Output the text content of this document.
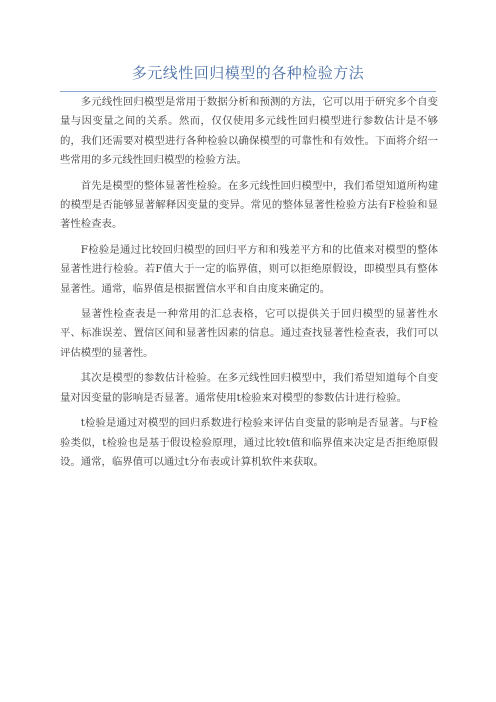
多元线性回归模型的各种检验方法

多元线性回归模型是常用于数据分析和预测的方法，它可以用于研究多个自变量与因变量之间的关系。然而，仅仅使用多元线性回归模型进行参数估计是不够的，我们还需要对模型进行各种检验以确保模型的可靠性和有效性。下面将介绍一些常用的多元线性回归模型的检验方法。

首先是模型的整体显著性检验。在多元线性回归模型中，我们希望知道所构建的模型是否能够显著解释因变量的变异。常见的整体显著性检验方法有F检验和显著性检查表。

F检验是通过比较回归模型的回归平方和和残差平方和的比值来对模型的整体显著性进行检验。若F值大于一定的临界值，则可以拒绝原假设，即模型具有整体显著性。通常，临界值是根据置信水平和自由度来确定的。

显著性检查表是一种常用的汇总表格，它可以提供关于回归模型的显著性水平、标准误差、置信区间和显著性因素的信息。通过查找显著性检查表，我们可以评估模型的显著性。

其次是模型的参数估计检验。在多元线性回归模型中，我们希望知道每个自变量对因变量的影响是否显著。通常使用t检验来对模型的参数估计进行检验。

t检验是通过对模型的回归系数进行检验来评估自变量的影响是否显著。与F检验类似，t检验也是基于假设检验原理，通过比较t值和临界值来决定是否拒绝原假设。通常，临界值可以通过t分布表或计算机软件来获取。
